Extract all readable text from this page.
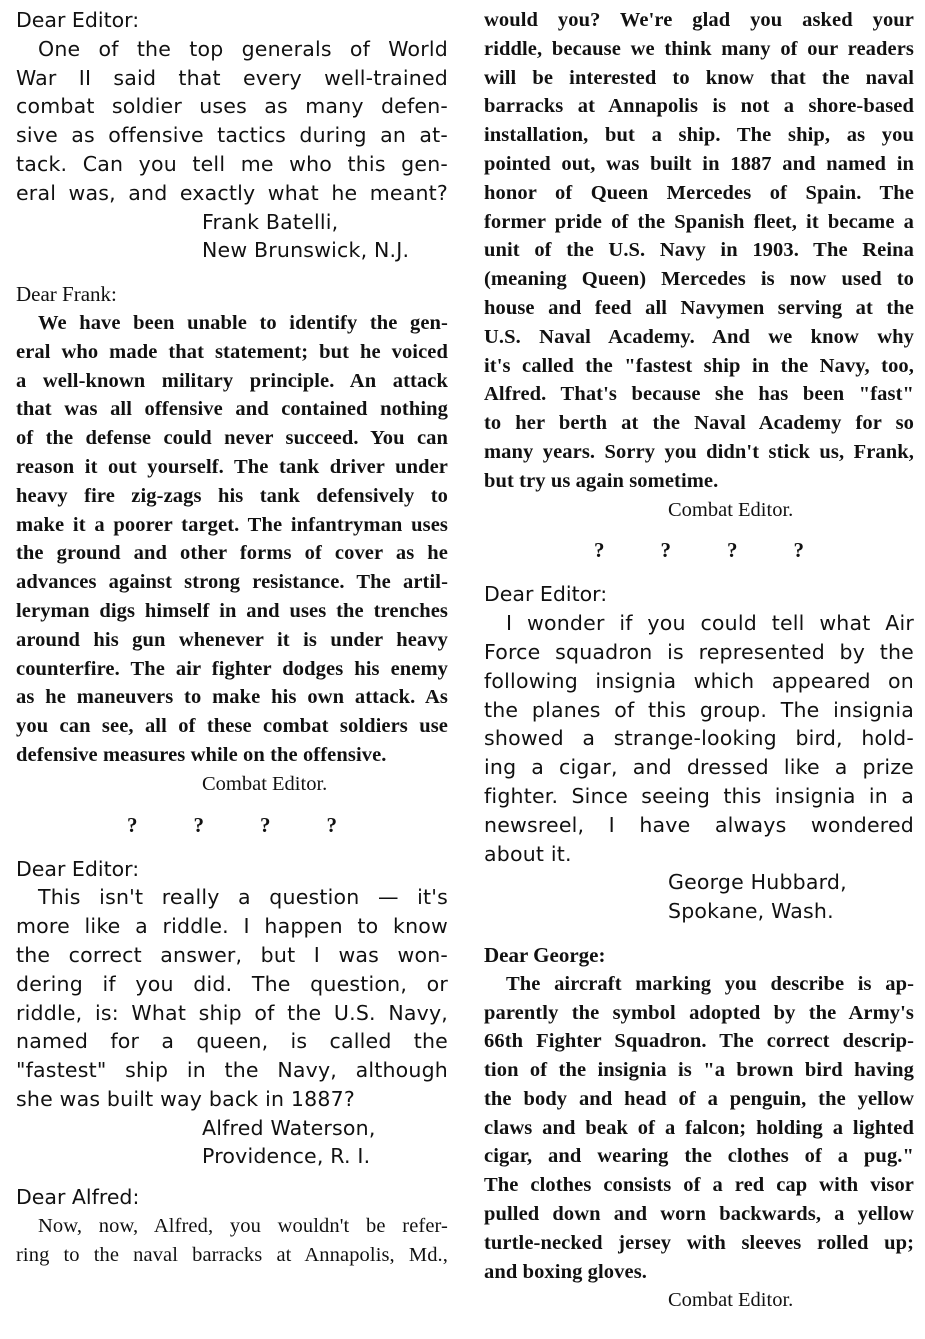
Dear Editor:
One of the top generals of World
War II said that every well-trained
combat soldier uses as many defen-
sive as offensive tactics during an at-
tack. Can you tell me who this gen-
eral was, and exactly what he meant?
Frank Batelli,
New Brunswick, N.J.
Dear Frank:
We have been unable to identify the gen-
eral who made that statement; but he voiced
a well-known military principle. An attack
that was all offensive and contained nothing
of the defense could never succeed. You can
reason it out yourself. The tank driver under
heavy fire zig-zags his tank defensively to
make it a poorer target. The infantryman uses
the ground and other forms of cover as he
advances against strong resistance. The artil-
leryman digs himself in and uses the trenches
around his gun whenever it is under heavy
counterfire. The air fighter dodges his enemy
as he maneuvers to make his own attack. As
you can see, all of these combat soldiers use
defensive measures while on the offensive.
Combat Editor.
?	?	?	?
Dear Editor:
This isn't really a question — it's
more like a riddle. I happen to know
the correct answer, but I was won-
dering if you did. The question, or
riddle, is: What ship of the U.S. Navy,
named for a queen, is called the
"fastest" ship in the Navy, although
she was built way back in 1887?
Alfred Waterson,
Providence, R. I.
Dear Alfred:
Now, now, Alfred, you wouldn't be refer-
ring to the naval barracks at Annapolis, Md.,
would you? We're glad you asked your
riddle, because we think many of our readers
will be interested to know that the naval
barracks at Annapolis is not a shore-based
installation, but a ship. The ship, as you
pointed out, was built in 1887 and named in
honor of Queen Mercedes of Spain. The
former pride of the Spanish fleet, it became a
unit of the U.S. Navy in 1903. The Reina
(meaning Queen) Mercedes is now used to
house and feed all Navymen serving at the
U.S. Naval Academy. And we know why
it's called the "fastest ship in the Navy, too,
Alfred. That's because she has been "fast"
to her berth at the Naval Academy for so
many years. Sorry you didn't stick us, Frank,
but try us again sometime.
Combat Editor.
?	?	?	?
Dear Editor:
I wonder if you could tell what Air
Force squadron is represented by the
following insignia which appeared on
the planes of this group. The insignia
showed a strange-looking bird, hold-
ing a cigar, and dressed like a prize
fighter. Since seeing this insignia in a
newsreel, I have always wondered
about it.
George Hubbard,
Spokane, Wash.
Dear George:
The aircraft marking you describe is ap-
parently the symbol adopted by the Army's
66th Fighter Squadron. The correct descrip-
tion of the insignia is "a brown bird having
the body and head of a penguin, the yellow
claws and beak of a falcon; holding a lighted
cigar, and wearing the clothes of a pug."
The clothes consists of a red cap with visor
pulled down and worn backwards, a yellow
turtle-necked jersey with sleeves rolled up;
and boxing gloves.
Combat Editor.
